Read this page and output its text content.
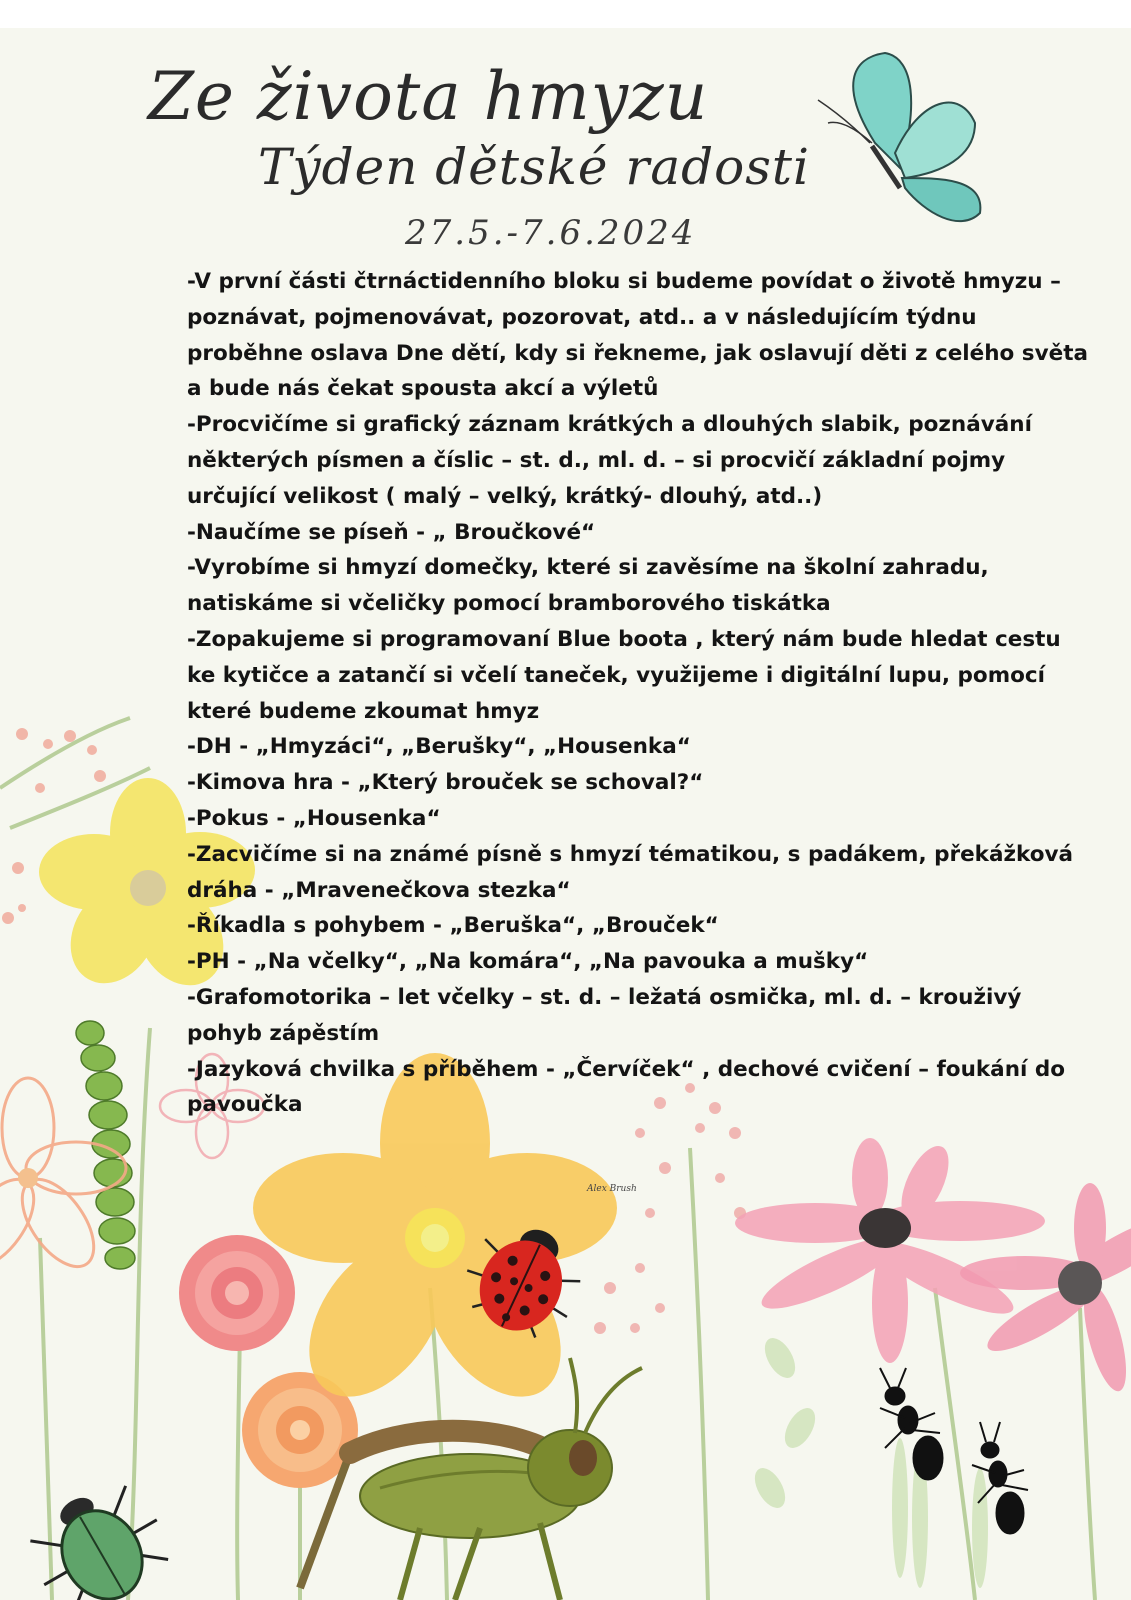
Ze života hmyzu
Týden dětské radosti
27.5.-7.6.2024
-V první části čtrnáctidenního bloku si budeme povídat o životě hmyzu –
poznávat, pojmenovávat, pozorovat, atd.. a v následujícím týdnu
proběhne oslava Dne dětí, kdy si řekneme, jak oslavují děti z celého světa
a bude nás čekat spousta akcí a výletů
-Procvičíme si grafický záznam krátkých a dlouhých slabik, poznávání
některých písmen a číslic – st. d., ml. d. – si procvičí základní pojmy
určující velikost ( malý – velký, krátký- dlouhý, atd..)
-Naučíme se píseň - „ Broučkové“
-Vyrobíme si hmyzí domečky, které si zavěsíme na školní zahradu,
natiskáme si včeličky pomocí bramborového tiskátka
-Zopakujeme si programovaní Blue boota , který nám bude hledat cestu
ke kytičce a zatančí si včelí taneček, využijeme i digitální lupu, pomocí
které budeme zkoumat hmyz
-DH - „Hmyzáci“, „Berušky“, „Housenka“
-Kimova hra - „Který brouček se schoval?“
-Pokus - „Housenka“
-Zacvičíme si na známé písně s hmyzí tématikou, s padákem, překážková
dráha - „Mravenečkova stezka“
-Říkadla s pohybem - „Beruška“, „Brouček“
-PH - „Na včelky“, „Na komára“, „Na pavouka a mušky“
-Grafomotorika – let včelky – st. d. – ležatá osmička, ml. d. – krouživý
pohyb zápěstím
-Jazyková chvilka s příběhem - „Červíček“ , dechové cvičení – foukání do
pavoučka
Alex Brush
